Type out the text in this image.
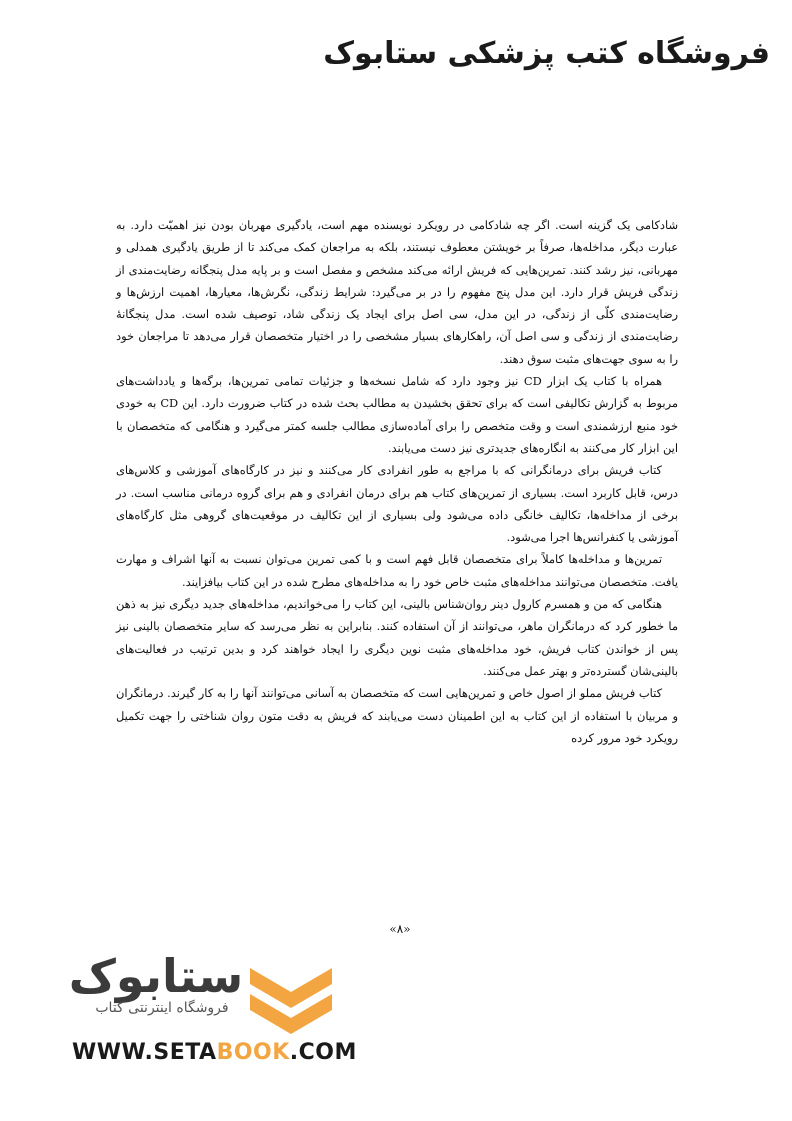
فروشگاه کتب پزشکی ستابوک

شادکامی یک گزینه است. اگر چه شادکامی در رویکرد نویسنده مهم است، یادگیری مهربان بودن نیز اهمیّت دارد. به عبارت دیگر، مداخله‌ها، صرفاً بر خویشتن معطوف نیستند، بلکه به مراجعان کمک می‌کند تا از طریق یادگیری همدلی و مهربانی، نیز رشد کنند. تمرین‌هایی که فریش ارائه می‌کند مشخص و مفصل است و بر پایه مدل پنجگانه رضایت‌مندی از زندگی فریش قرار دارد. این مدل پنج مفهوم را در بر می‌گیرد: شرایط زندگی، نگرش‌ها، معیارها، اهمیت ارزش‌ها و رضایت‌مندی کلّی از زندگی، در این مدل، سی اصل برای ایجاد یک زندگی شاد، توصیف شده است. مدل پنجگانهٔ رضایت‌مندی از زندگی و سی اصل آن، راهکارهای بسیار مشخصی را در اختیار متخصصان قرار می‌دهد تا مراجعان خود را به سوی جهت‌های مثبت سوق دهند.

همراه با کتاب یک ابزار CD نیز وجود دارد که شامل نسخه‌ها و جزئیات تمامی تمرین‌ها، برگه‌ها و یادداشت‌های مربوط به گزارش تکالیفی است که برای تحقق بخشیدن به مطالب بحث شده در کتاب ضرورت دارد. این CD به خودی خود منبع ارزشمندی است و وقت متخصص را برای آماده‌سازی مطالب جلسه کمتر می‌گیرد و هنگامی که متخصصان با این ابزار کار می‌کنند به انگاره‌های جدیدتری نیز دست می‌یابند.

کتاب فریش برای درمانگرانی که با مراجع به طور انفرادی کار می‌کنند و نیز در کارگاه‌های آموزشی و کلاس‌های درس، قابل کاربرد است. بسیاری از تمرین‌های کتاب هم برای درمان انفرادی و هم برای گروه درمانی مناسب است. در برخی از مداخله‌ها، تکالیف خانگی داده می‌شود ولی بسیاری از این تکالیف در موقعیت‌های گروهی مثل کارگاه‌های آموزشی یا کنفرانس‌ها اجرا می‌شود.

تمرین‌ها و مداخله‌ها کاملاً برای متخصصان قابل فهم است و با کمی تمرین می‌توان نسبت به آنها اشراف و مهارت یافت. متخصصان می‌توانند مداخله‌های مثبت خاص خود را به مداخله‌های مطرح شده در این کتاب بیافزایند.

هنگامی که من و همسرم کارول دینر روان‌شناس بالینی، این کتاب را می‌خواندیم، مداخله‌های جدید دیگری نیز به ذهن ما خطور کرد که درمانگران ماهر، می‌توانند از آن استفاده کنند. بنابراین به نظر می‌رسد که سایر متخصصان بالینی نیز پس از خواندن کتاب فریش، خود مداخله‌های مثبت نوین دیگری را ایجاد خواهند کرد و بدین ترتیب در فعالیت‌های بالینی‌شان گسترده‌تر و بهتر عمل می‌کنند.

کتاب فریش مملو از اصول خاص و تمرین‌هایی است که متخصصان به آسانی می‌توانند آنها را به کار گیرند. درمانگران و مربیان با استفاده از این کتاب به این اطمینان دست می‌یابند که فریش به دقت متون روان شناختی را جهت تکمیل رویکرد خود مرور کرده

«۸»
ستابوک
فروشگاه اینترنتی کتاب
WWW.SETABOOK.COM
